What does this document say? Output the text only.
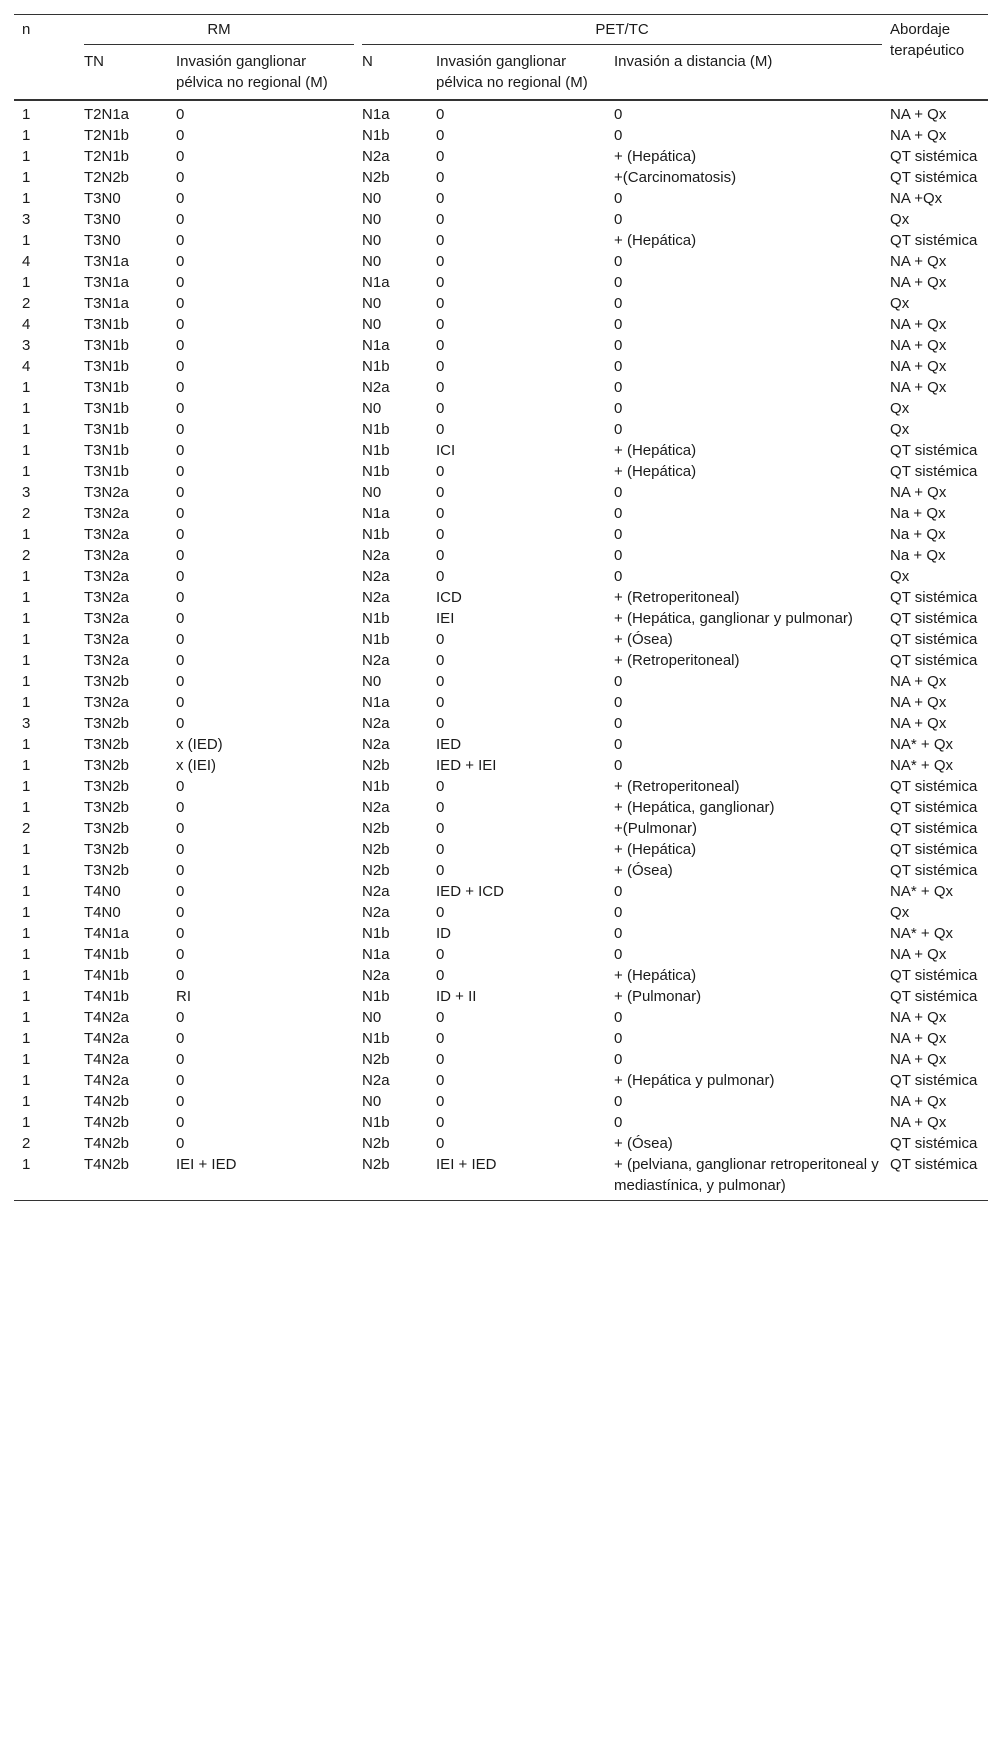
n	RM		PET/TC			Abordaje terapéutico
	TN	Invasión ganglionar pélvica no regional (M)	N	Invasión ganglionar pélvica no regional (M)	Invasión a distancia (M)	
1	T2N1a	0	N1a	0	0	NA + Qx
1	T2N1b	0	N1b	0	0	NA + Qx
1	T2N1b	0	N2a	0	+ (Hepática)	QT sistémica
1	T2N2b	0	N2b	0	+(Carcinomatosis)	QT sistémica
1	T3N0	0	N0	0	0	NA +Qx
3	T3N0	0	N0	0	0	Qx
1	T3N0	0	N0	0	+ (Hepática)	QT sistémica
4	T3N1a	0	N0	0	0	NA + Qx
1	T3N1a	0	N1a	0	0	NA + Qx
2	T3N1a	0	N0	0	0	Qx
4	T3N1b	0	N0	0	0	NA + Qx
3	T3N1b	0	N1a	0	0	NA + Qx
4	T3N1b	0	N1b	0	0	NA + Qx
1	T3N1b	0	N2a	0	0	NA + Qx
1	T3N1b	0	N0	0	0	Qx
1	T3N1b	0	N1b	0	0	Qx
1	T3N1b	0	N1b	ICI	+ (Hepática)	QT sistémica
1	T3N1b	0	N1b	0	+ (Hepática)	QT sistémica
3	T3N2a	0	N0	0	0	NA + Qx
2	T3N2a	0	N1a	0	0	Na + Qx
1	T3N2a	0	N1b	0	0	Na + Qx
2	T3N2a	0	N2a	0	0	Na + Qx
1	T3N2a	0	N2a	0	0	Qx
1	T3N2a	0	N2a	ICD	+ (Retroperitoneal)	QT sistémica
1	T3N2a	0	N1b	IEI	+ (Hepática, ganglionar y pulmonar)	QT sistémica
1	T3N2a	0	N1b	0	+ (Ósea)	QT sistémica
1	T3N2a	0	N2a	0	+ (Retroperitoneal)	QT sistémica
1	T3N2b	0	N0	0	0	NA + Qx
1	T3N2a	0	N1a	0	0	NA + Qx
3	T3N2b	0	N2a	0	0	NA + Qx
1	T3N2b	x (IED)	N2a	IED	0	NA* + Qx
1	T3N2b	x (IEI)	N2b	IED + IEI	0	NA* + Qx
1	T3N2b	0	N1b	0	+ (Retroperitoneal)	QT sistémica
1	T3N2b	0	N2a	0	+ (Hepática, ganglionar)	QT sistémica
2	T3N2b	0	N2b	0	+(Pulmonar)	QT sistémica
1	T3N2b	0	N2b	0	+ (Hepática)	QT sistémica
1	T3N2b	0	N2b	0	+ (Ósea)	QT sistémica
1	T4N0	0	N2a	IED + ICD	0	NA* + Qx
1	T4N0	0	N2a	0	0	Qx
1	T4N1a	0	N1b	ID	0	NA* + Qx
1	T4N1b	0	N1a	0	0	NA + Qx
1	T4N1b	0	N2a	0	+ (Hepática)	QT sistémica
1	T4N1b	RI	N1b	ID + II	+ (Pulmonar)	QT sistémica
1	T4N2a	0	N0	0	0	NA + Qx
1	T4N2a	0	N1b	0	0	NA + Qx
1	T4N2a	0	N2b	0	0	NA + Qx
1	T4N2a	0	N2a	0	+ (Hepática y pulmonar)	QT sistémica
1	T4N2b	0	N0	0	0	NA + Qx
1	T4N2b	0	N1b	0	0	NA + Qx
2	T4N2b	0	N2b	0	+ (Ósea)	QT sistémica
1	T4N2b	IEI + IED	N2b	IEI + IED	+ (pelviana, ganglionar retroperitoneal y mediastínica, y pulmonar)	QT sistémica
